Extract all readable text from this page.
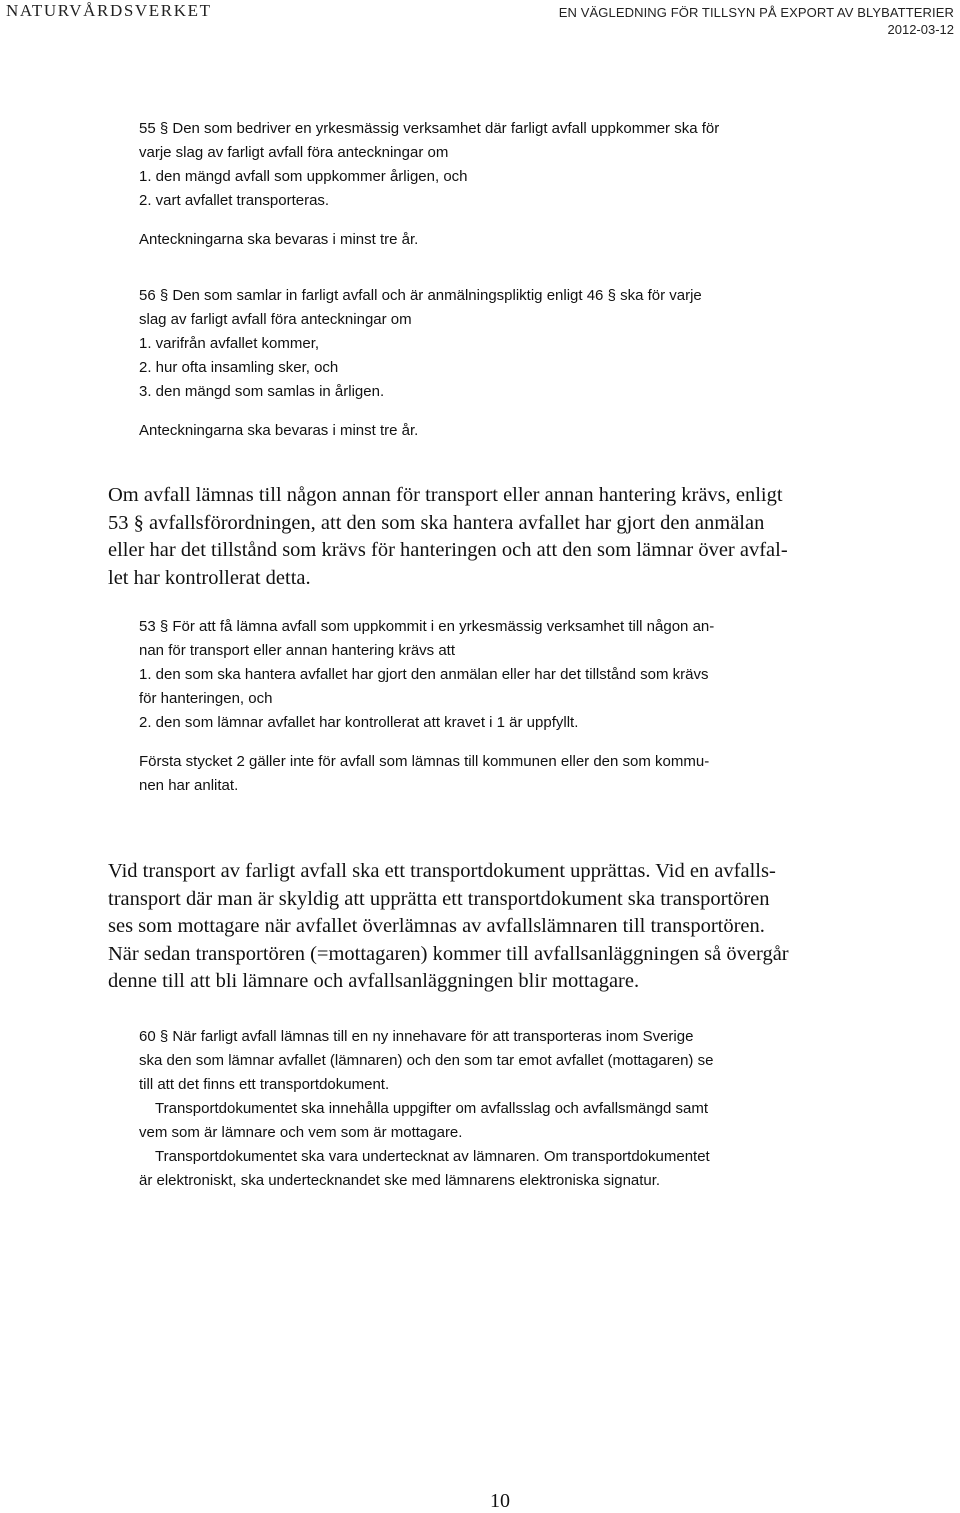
NATURVÅRDSVERKET	EN VÄGLEDNING FÖR TILLSYN PÅ EXPORT AV BLYBATTERIER
2012-03-12

55 § Den som bedriver en yrkesmässig verksamhet där farligt avfall uppkommer ska för

varje slag av farligt avfall föra anteckningar om

1. den mängd avfall som uppkommer årligen, och

2. vart avfallet transporteras.

Anteckningarna ska bevaras i minst tre år.

56 § Den som samlar in farligt avfall och är anmälningspliktig enligt 46 § ska för varje

slag av farligt avfall föra anteckningar om

1. varifrån avfallet kommer,

2. hur ofta insamling sker, och

3. den mängd som samlas in årligen.

Anteckningarna ska bevaras i minst tre år.

Om avfall lämnas till någon annan för transport eller annan hantering krävs, enligt

53 § avfallsförordningen, att den som ska hantera avfallet har gjort den anmälan

eller har det tillstånd som krävs för hanteringen och att den som lämnar över avfal-

let har kontrollerat detta.

53 § För att få lämna avfall som uppkommit i en yrkesmässig verksamhet till någon an-

nan för transport eller annan hantering krävs att

1. den som ska hantera avfallet har gjort den anmälan eller har det tillstånd som krävs

för hanteringen, och

2. den som lämnar avfallet har kontrollerat att kravet i 1 är uppfyllt.

Första stycket 2 gäller inte för avfall som lämnas till kommunen eller den som kommu-

nen har anlitat.

Vid transport av farligt avfall ska ett transportdokument upprättas. Vid en avfalls-

transport där man är skyldig att upprätta ett transportdokument ska transportören

ses som mottagare när avfallet överlämnas av avfallslämnaren till transportören.

När sedan transportören (=mottagaren) kommer till avfallsanläggningen så övergår

denne till att bli lämnare och avfallsanläggningen blir mottagare.

60 § När farligt avfall lämnas till en ny innehavare för att transporteras inom Sverige

ska den som lämnar avfallet (lämnaren) och den som tar emot avfallet (mottagaren) se

till att det finns ett transportdokument.

Transportdokumentet ska innehålla uppgifter om avfallsslag och avfallsmängd samt

vem som är lämnare och vem som är mottagare.

Transportdokumentet ska vara undertecknat av lämnaren. Om transportdokumentet

är elektroniskt, ska undertecknandet ske med lämnarens elektroniska signatur.

10
